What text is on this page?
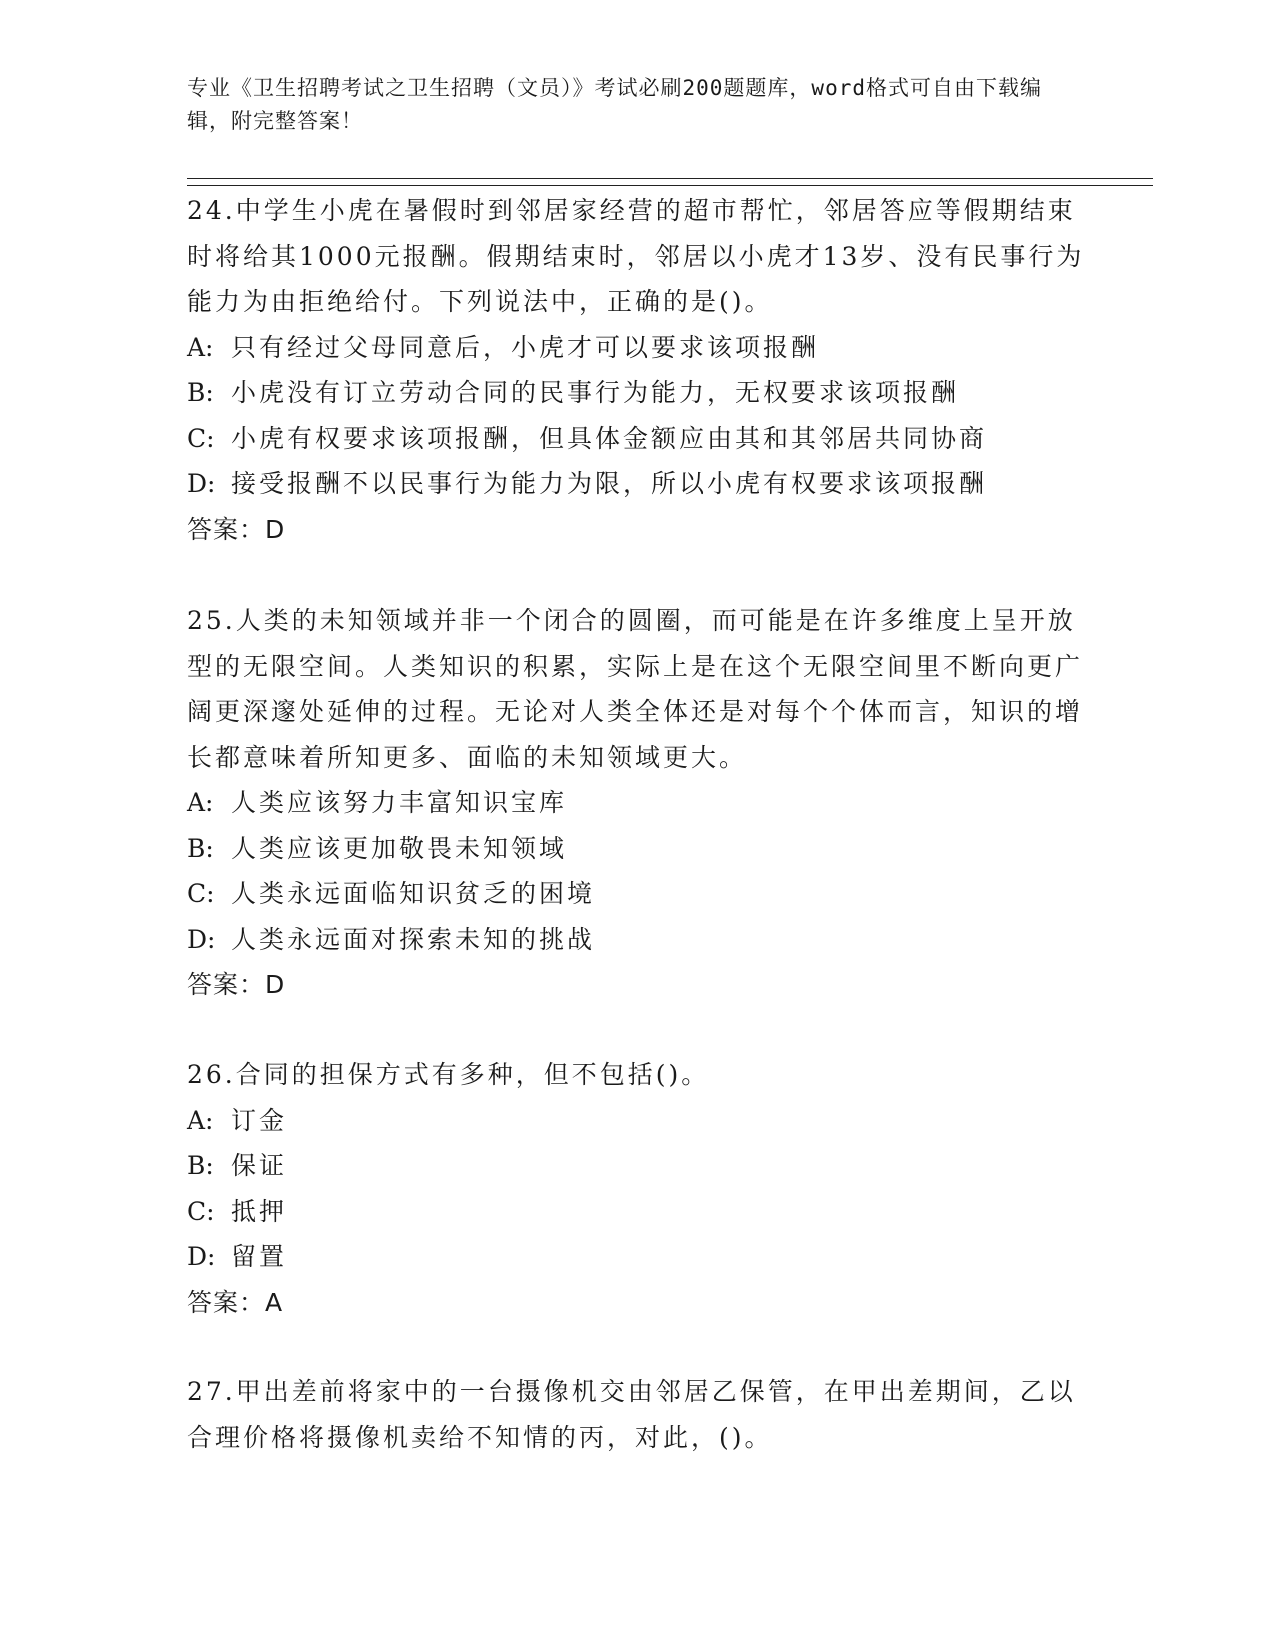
专业《卫生招聘考试之卫生招聘（文员）》考试必刷200题题库，word格式可自由下载编辑，附完整答案！

24.中学生小虎在暑假时到邻居家经营的超市帮忙，邻居答应等假期结束时将给其1000元报酬。假期结束时，邻居以小虎才13岁、没有民事行为能力为由拒绝给付。下列说法中，正确的是()。

A: 只有经过父母同意后，小虎才可以要求该项报酬

B: 小虎没有订立劳动合同的民事行为能力，无权要求该项报酬

C: 小虎有权要求该项报酬，但具体金额应由其和其邻居共同协商

D: 接受报酬不以民事行为能力为限，所以小虎有权要求该项报酬

答案：D

25.人类的未知领域并非一个闭合的圆圈，而可能是在许多维度上呈开放型的无限空间。人类知识的积累，实际上是在这个无限空间里不断向更广阔更深邃处延伸的过程。无论对人类全体还是对每个个体而言，知识的增长都意味着所知更多、面临的未知领域更大。

A: 人类应该努力丰富知识宝库

B: 人类应该更加敬畏未知领域

C: 人类永远面临知识贫乏的困境

D: 人类永远面对探索未知的挑战

答案：D

26.合同的担保方式有多种，但不包括()。

A: 订金

B: 保证

C: 抵押

D: 留置

答案：A

27.甲出差前将家中的一台摄像机交由邻居乙保管，在甲出差期间，乙以合理价格将摄像机卖给不知情的丙，对此，()。
